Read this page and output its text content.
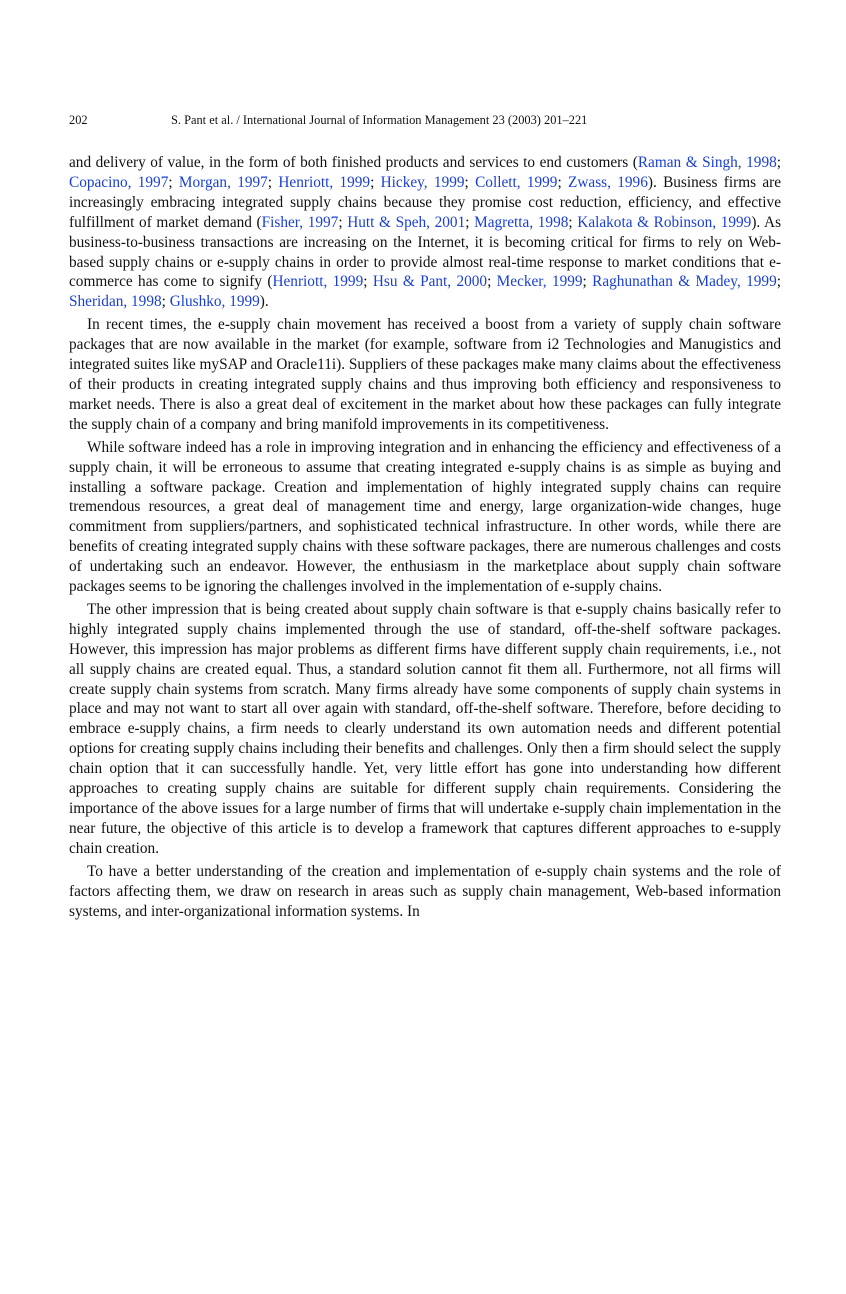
202	S. Pant et al. / International Journal of Information Management 23 (2003) 201–221

and delivery of value, in the form of both finished products and services to end customers (Raman & Singh, 1998; Copacino, 1997; Morgan, 1997; Henriott, 1999; Hickey, 1999; Collett, 1999; Zwass, 1996). Business firms are increasingly embracing integrated supply chains because they promise cost reduction, efficiency, and effective fulfillment of market demand (Fisher, 1997; Hutt & Speh, 2001; Magretta, 1998; Kalakota & Robinson, 1999). As business-to-business transactions are increasing on the Internet, it is becoming critical for firms to rely on Web-based supply chains or e-supply chains in order to provide almost real-time response to market conditions that e-commerce has come to signify (Henriott, 1999; Hsu & Pant, 2000; Mecker, 1999; Raghunathan & Madey, 1999; Sheridan, 1998; Glushko, 1999).

In recent times, the e-supply chain movement has received a boost from a variety of supply chain software packages that are now available in the market (for example, software from i2 Technologies and Manugistics and integrated suites like mySAP and Oracle11i). Suppliers of these packages make many claims about the effectiveness of their products in creating integrated supply chains and thus improving both efficiency and responsiveness to market needs. There is also a great deal of excitement in the market about how these packages can fully integrate the supply chain of a company and bring manifold improvements in its competitiveness.

While software indeed has a role in improving integration and in enhancing the efficiency and effectiveness of a supply chain, it will be erroneous to assume that creating integrated e-supply chains is as simple as buying and installing a software package. Creation and implementation of highly integrated supply chains can require tremendous resources, a great deal of management time and energy, large organization-wide changes, huge commitment from suppliers/partners, and sophisticated technical infrastructure. In other words, while there are benefits of creating integrated supply chains with these software packages, there are numerous challenges and costs of undertaking such an endeavor. However, the enthusiasm in the marketplace about supply chain software packages seems to be ignoring the challenges involved in the implementation of e-supply chains.

The other impression that is being created about supply chain software is that e-supply chains basically refer to highly integrated supply chains implemented through the use of standard, off-the-shelf software packages. However, this impression has major problems as different firms have different supply chain requirements, i.e., not all supply chains are created equal. Thus, a standard solution cannot fit them all. Furthermore, not all firms will create supply chain systems from scratch. Many firms already have some components of supply chain systems in place and may not want to start all over again with standard, off-the-shelf software. Therefore, before deciding to embrace e-supply chains, a firm needs to clearly understand its own automation needs and different potential options for creating supply chains including their benefits and challenges. Only then a firm should select the supply chain option that it can successfully handle. Yet, very little effort has gone into understanding how different approaches to creating supply chains are suitable for different supply chain requirements. Considering the importance of the above issues for a large number of firms that will undertake e-supply chain implementation in the near future, the objective of this article is to develop a framework that captures different approaches to e-supply chain creation.

To have a better understanding of the creation and implementation of e-supply chain systems and the role of factors affecting them, we draw on research in areas such as supply chain management, Web-based information systems, and inter-organizational information systems. In
